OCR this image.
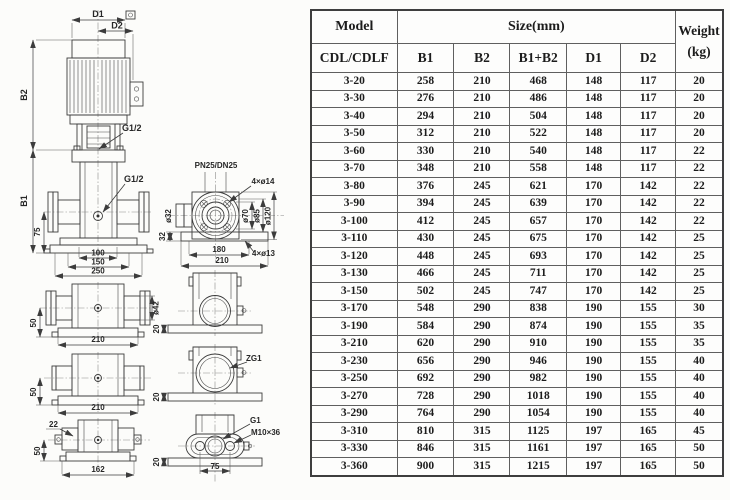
D1
D2
B2
B1
75
G1/2
G1/2
100
150
250
50
ø42
210
50
210
22
50
162
PN25/DN25
ø32
4×ø14
ø70 ø85 ø120
32
180
210
4×ø13
20
ZG1
20
G1
M10×36
20	75
Model	Size(mm)					Weight
(kg)

CDL/CDLF	B1	B2	B1+B2	D1	D2	
3-20	258	210	468	148	117	20
3-30	276	210	486	148	117	20
3-40	294	210	504	148	117	20
3-50	312	210	522	148	117	20
3-60	330	210	540	148	117	22
3-70	348	210	558	148	117	22
3-80	376	245	621	170	142	22
3-90	394	245	639	170	142	22
3-100	412	245	657	170	142	22
3-110	430	245	675	170	142	25
3-120	448	245	693	170	142	25
3-130	466	245	711	170	142	25
3-150	502	245	747	170	142	25
3-170	548	290	838	190	155	30
3-190	584	290	874	190	155	35
3-210	620	290	910	190	155	35
3-230	656	290	946	190	155	40
3-250	692	290	982	190	155	40
3-270	728	290	1018	190	155	40
3-290	764	290	1054	190	155	40
3-310	810	315	1125	197	165	45
3-330	846	315	1161	197	165	50
3-360	900	315	1215	197	165	50
